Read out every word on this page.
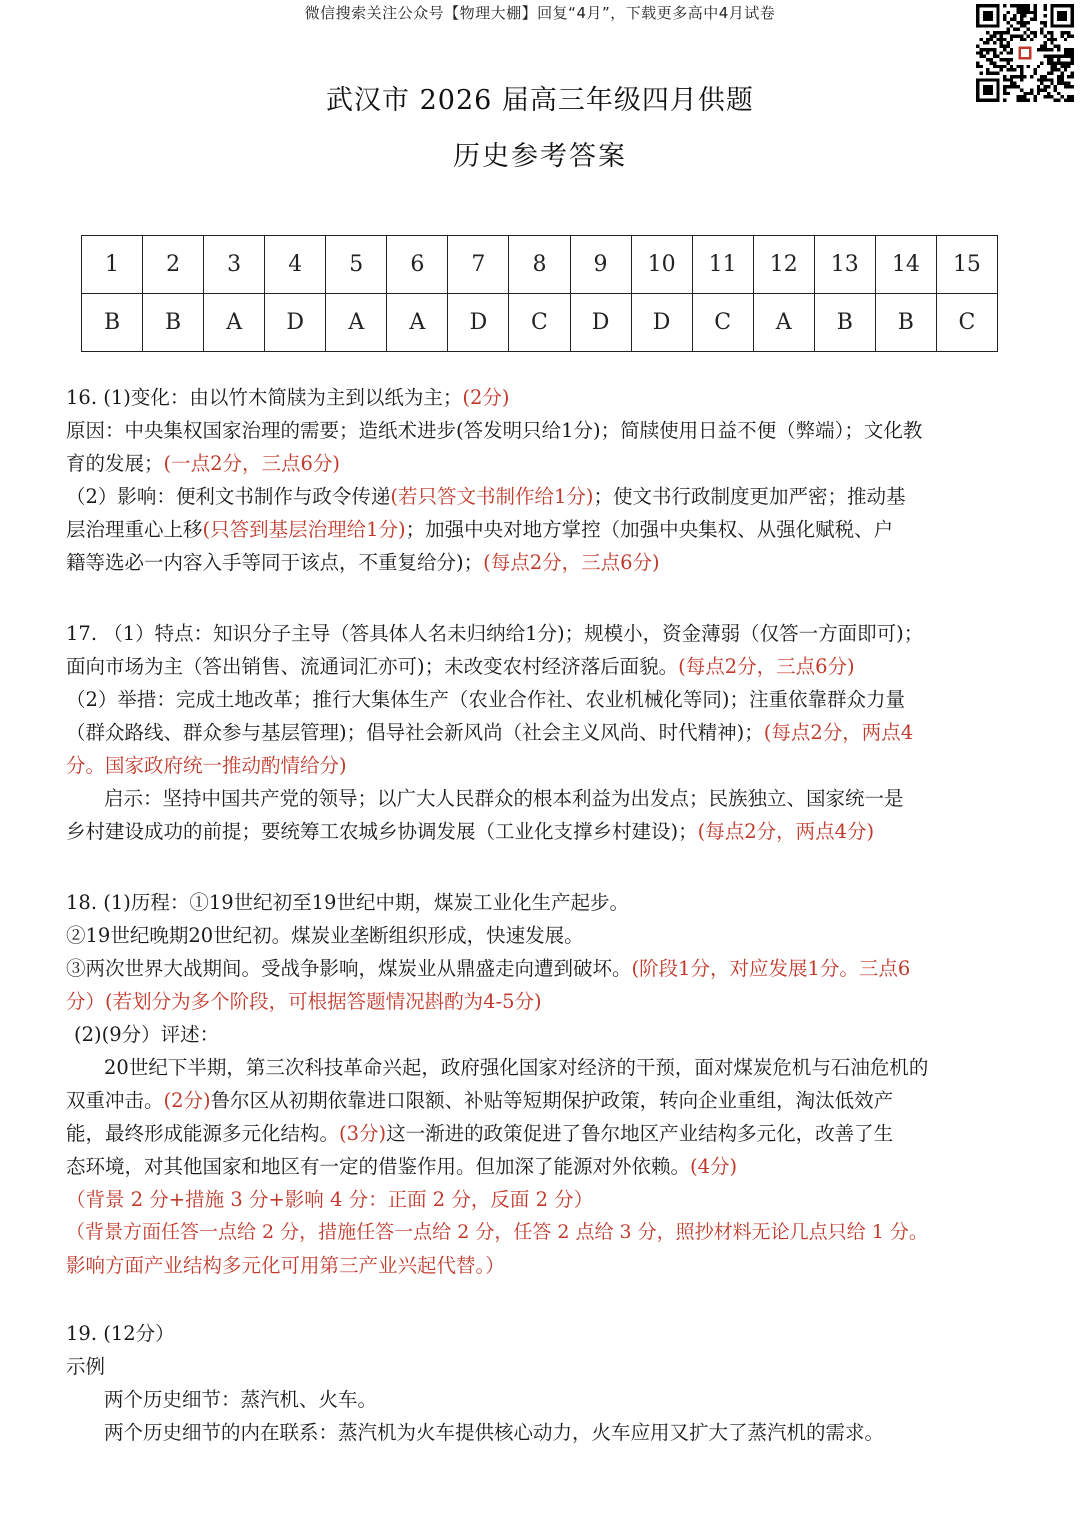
微信搜索关注公众号【物理大棚】回复“4月”，下载更多高中4月试卷
武汉市 2026 届高三年级四月供题
历史参考答案
1	2	3	4	5	6	7	8	9	10	11	12	13	14	15
B	B	A	D	A	A	D	C	D	D	C	A	B	B	C
16. (1)变化：由以竹木简牍为主到以纸为主；(2分)
原因：中央集权国家治理的需要；造纸术进步(答发明只给1分)；简牍使用日益不便（弊端）；文化教
育的发展；(一点2分，三点6分)
（2）影响：便利文书制作与政令传递(若只答文书制作给1分)；使文书行政制度更加严密；推动基
层治理重心上移(只答到基层治理给1分)；加强中央对地方掌控（加强中央集权、从强化赋税、户
籍等选必一内容入手等同于该点，不重复给分)；(每点2分，三点6分)
17. （1）特点：知识分子主导（答具体人名未归纳给1分)；规模小，资金薄弱（仅答一方面即可)；
面向市场为主（答出销售、流通词汇亦可)；未改变农村经济落后面貌。(每点2分，三点6分)
（2）举措：完成土地改革；推行大集体生产（农业合作社、农业机械化等同)；注重依靠群众力量
（群众路线、群众参与基层管理)；倡导社会新风尚（社会主义风尚、时代精神)；(每点2分，两点4
分。国家政府统一推动酌情给分)
启示：坚持中国共产党的领导；以广大人民群众的根本利益为出发点；民族独立、国家统一是
乡村建设成功的前提；要统筹工农城乡协调发展（工业化支撑乡村建设)；(每点2分，两点4分)
18. (1)历程：①19世纪初至19世纪中期，煤炭工业化生产起步。
②19世纪晚期20世纪初。煤炭业垄断组织形成，快速发展。
③两次世界大战期间。受战争影响，煤炭业从鼎盛走向遭到破坏。(阶段1分，对应发展1分。三点6
分）(若划分为多个阶段，可根据答题情况斟酌为4-5分)
(2)(9分）评述：
20世纪下半期，第三次科技革命兴起，政府强化国家对经济的干预，面对煤炭危机与石油危机的
双重冲击。(2分)鲁尔区从初期依靠进口限额、补贴等短期保护政策，转向企业重组，淘汰低效产
能，最终形成能源多元化结构。(3分)这一渐进的政策促进了鲁尔地区产业结构多元化，改善了生
态环境，对其他国家和地区有一定的借鉴作用。但加深了能源对外依赖。(4分)
（背景 2 分+措施 3 分+影响 4 分：正面 2 分，反面 2 分）
（背景方面任答一点给 2 分，措施任答一点给 2 分，任答 2 点给 3 分，照抄材料无论几点只给 1 分。
影响方面产业结构多元化可用第三产业兴起代替。）
19. (12分）
示例
两个历史细节：蒸汽机、火车。
两个历史细节的内在联系：蒸汽机为火车提供核心动力，火车应用又扩大了蒸汽机的需求。
